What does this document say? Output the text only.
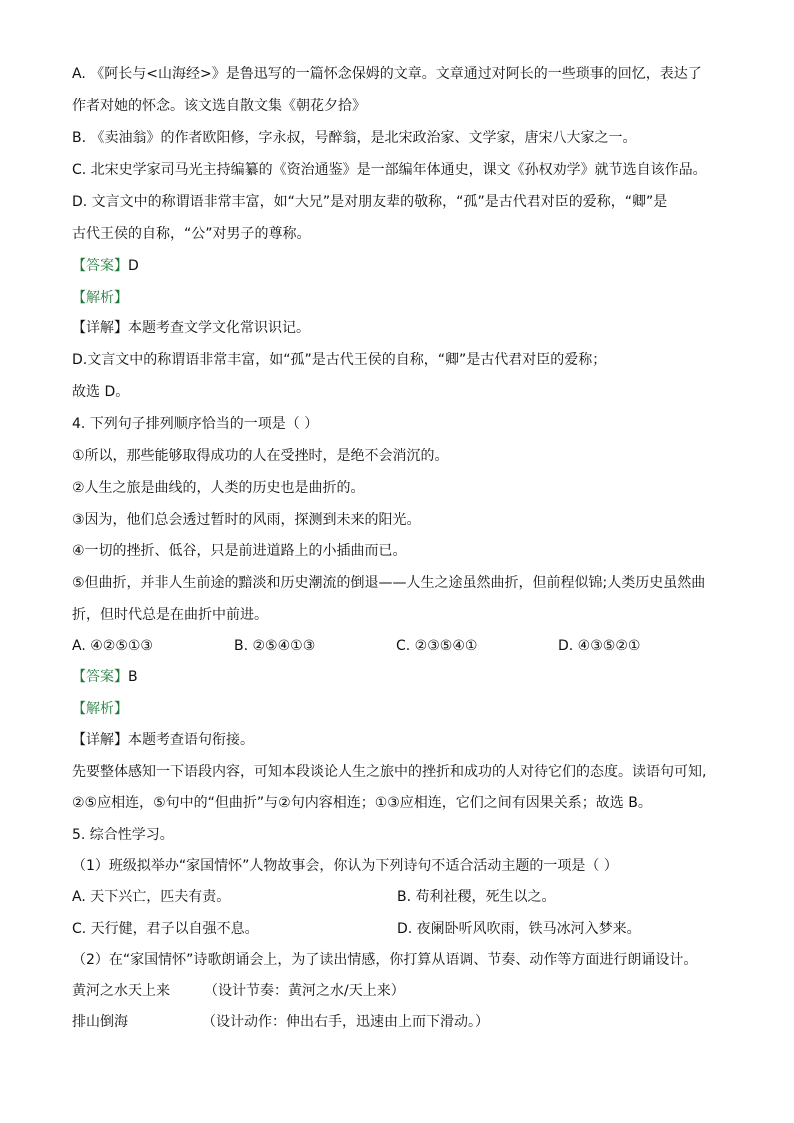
A. 《阿长与<山海经>》是鲁迅写的一篇怀念保姆的文章。文章通过对阿长的一些琐事的回忆，表达了
作者对她的怀念。该文选自散文集《朝花夕拾》
B. 《卖油翁》的作者欧阳修，字永叔，号醉翁，是北宋政治家、文学家，唐宋八大家之一。
C. 北宋史学家司马光主持编纂的《资治通鉴》是一部编年体通史，课文《孙权劝学》就节选自该作品。
D. 文言文中的称谓语非常丰富，如“大兄”是对朋友辈的敬称，“孤”是古代君对臣的爱称，“卿”是
古代王侯的自称，“公”对男子的尊称。
【答案】D
【解析】
【详解】本题考查文学文化常识识记。
D.文言文中的称谓语非常丰富，如“孤”是古代王侯的自称，“卿”是古代君对臣的爱称；
故选 D。
4. 下列句子排列顺序恰当的一项是（ ）
①所以，那些能够取得成功的人在受挫时，是绝不会消沉的。
②人生之旅是曲线的，人类的历史也是曲折的。
③因为，他们总会透过暂时的风雨，探测到未来的阳光。
④一切的挫折、低谷，只是前进道路上的小插曲而已。
⑤但曲折，并非人生前途的黯淡和历史潮流的倒退——人生之途虽然曲折，但前程似锦;人类历史虽然曲
折，但时代总是在曲折中前进。
A. ④②⑤①③	B. ②⑤④①③	C. ②③⑤④①	D. ④③⑤②①
【答案】B
【解析】
【详解】本题考查语句衔接。
先要整体感知一下语段内容，可知本段谈论人生之旅中的挫折和成功的人对待它们的态度。读语句可知,
②⑤应相连，⑤句中的“但曲折”与②句内容相连；①③应相连，它们之间有因果关系；故选 B。
5. 综合性学习。
（1）班级拟举办“家国情怀”人物故事会，你认为下列诗句不适合活动主题的一项是（ ）
A. 天下兴亡，匹夫有责。	B. 苟利社稷，死生以之。
C. 天行健，君子以自强不息。	D. 夜阑卧听风吹雨，铁马冰河入梦来。
（2）在“家国情怀”诗歌朗诵会上，为了读出情感，你打算从语调、节奏、动作等方面进行朗诵设计。
黄河之水天上来	（设计节奏：黄河之水/天上来）
排山倒海	（设计动作：伸出右手，迅速由上而下滑动。）
